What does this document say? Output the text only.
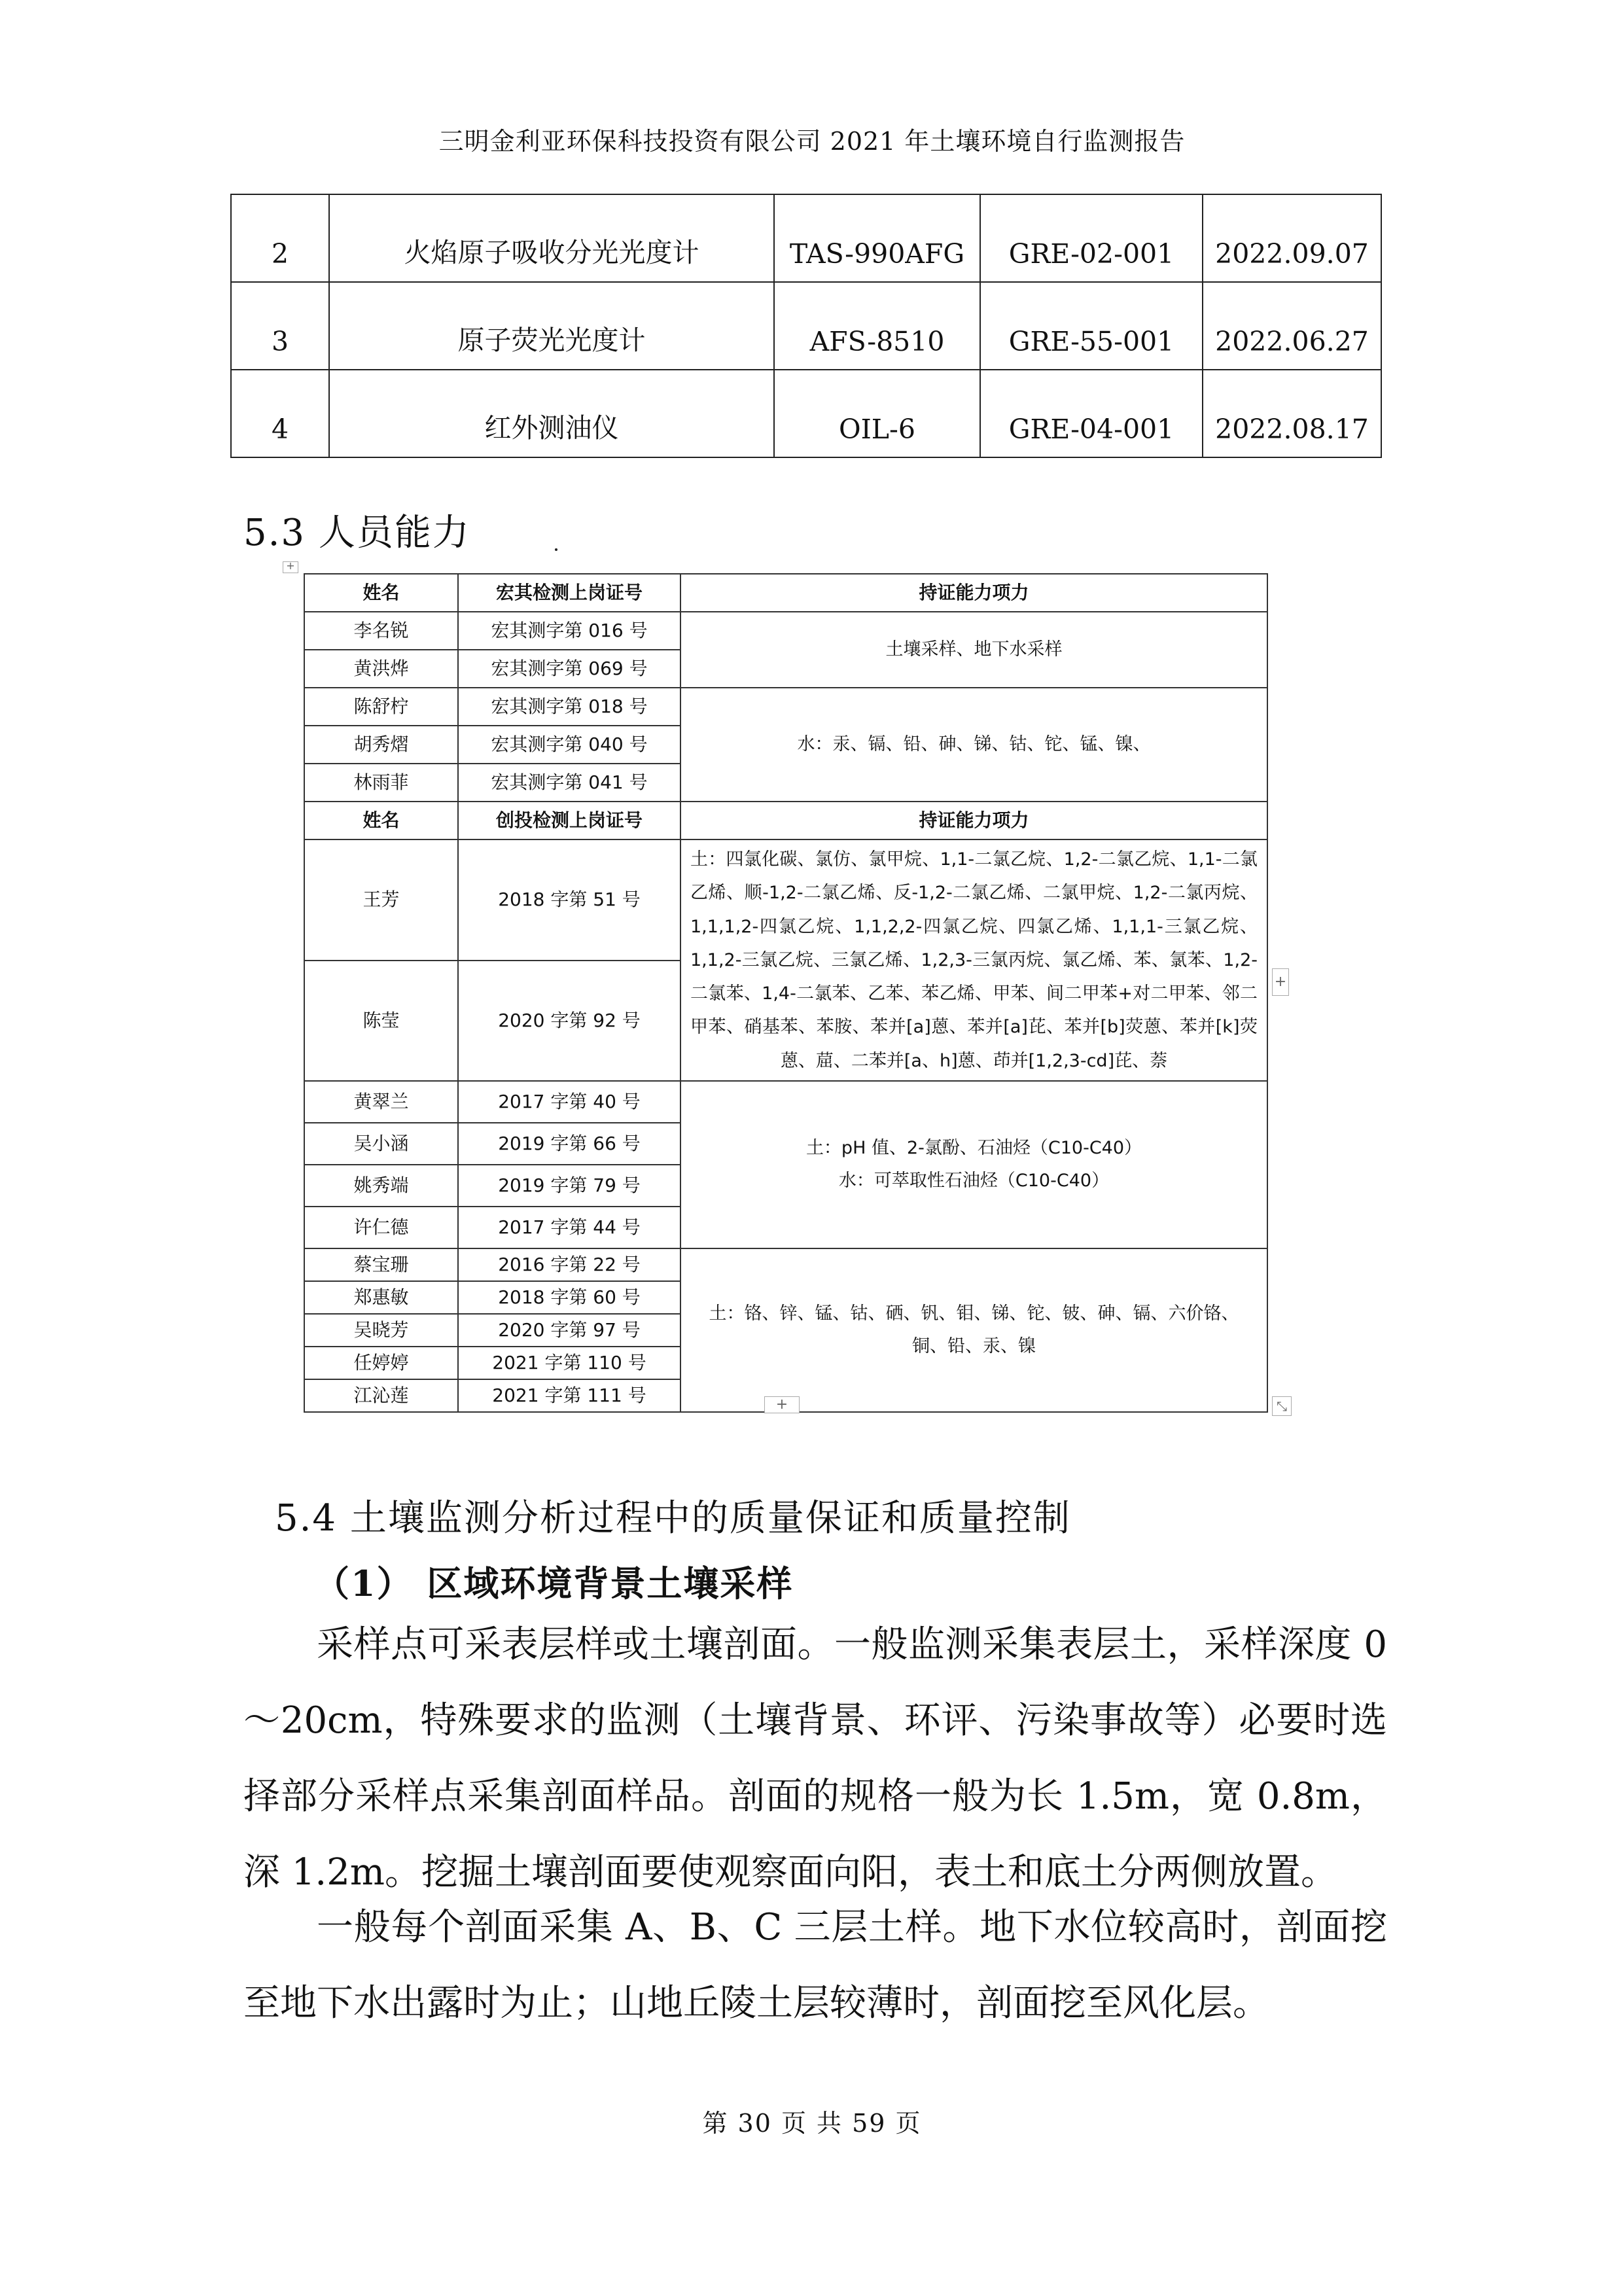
三明金利亚环保科技投资有限公司 2021 年土壤环境自行监测报告
2	火焰原子吸收分光光度计	TAS-990AFG	GRE-02-001	2022.09.07
3	原子荧光光度计	AFS-8510	GRE-55-001	2022.06.27
4	红外测油仪	OIL-6	GRE-04-001	2022.08.17
5.3 人员能力
+
姓名	宏其检测上岗证号	持证能力项力
李名锐	宏其测字第 016 号	土壤采样、地下水采样
黄洪烨	宏其测字第 069 号	
陈舒柠	宏其测字第 018 号	水：汞、镉、铅、砷、锑、钴、铊、锰、镍、
胡秀熠	宏其测字第 040 号	
林雨菲	宏其测字第 041 号	
姓名	创投检测上岗证号	持证能力项力
王芳	2018 字第 51 号	土：四氯化碳、氯仿、氯甲烷、1,1-二氯乙烷、1,2-二氯乙烷、1,1-二氯乙烯、顺-1,2-二氯乙烯、反-1,2-二氯乙烯、二氯甲烷、1,2-二氯丙烷、1,1,1,2-四氯乙烷、1,1,2,2-四氯乙烷、四氯乙烯、1,1,1-三氯乙烷、1,1,2-三氯乙烷、三氯乙烯、1,2,3-三氯丙烷、氯乙烯、苯、氯苯、1,2-二氯苯、1,4-二氯苯、乙苯、苯乙烯、甲苯、间二甲苯+对二甲苯、邻二甲苯、硝基苯、苯胺、苯并[a]蒽、苯并[a]芘、苯并[b]荧蒽、苯并[k]荧蒽、䓛、二苯并[a、h]蒽、茚并[1,2,3-cd]芘、萘
陈莹	2020 字第 92 号	
黄翠兰	2017 字第 40 号	土：pH 值、2-氯酚、石油烃（C10-C40）
水：可萃取性石油烃（C10-C40）

吴小涵	2019 字第 66 号	
姚秀端	2019 字第 79 号	
许仁德	2017 字第 44 号	
蔡宝珊	2016 字第 22 号	土：铬、锌、锰、钴、硒、钒、钼、锑、铊、铍、砷、镉、六价铬、
铜、铅、汞、镍

郑惠敏	2018 字第 60 号	
吴晓芳	2020 字第 97 号	
任婷婷	2021 字第 110 号	
江沁莲	2021 字第 111 号	
+
+	⤡
5.4 土壤监测分析过程中的质量保证和质量控制
（1） 区域环境背景土壤采样
采样点可采表层样或土壤剖面。一般监测采集表层土，采样深度 0～20cm，特殊要求的监测（土壤背景、环评、污染事故等）必要时选择部分采样点采集剖面样品。剖面的规格一般为长 1.5m，宽 0.8m，深 1.2m。挖掘土壤剖面要使观察面向阳，表土和底土分两侧放置。
一般每个剖面采集 A、B、C 三层土样。地下水位较高时，剖面挖至地下水出露时为止；山地丘陵土层较薄时，剖面挖至风化层。
第 30 页 共 59 页
